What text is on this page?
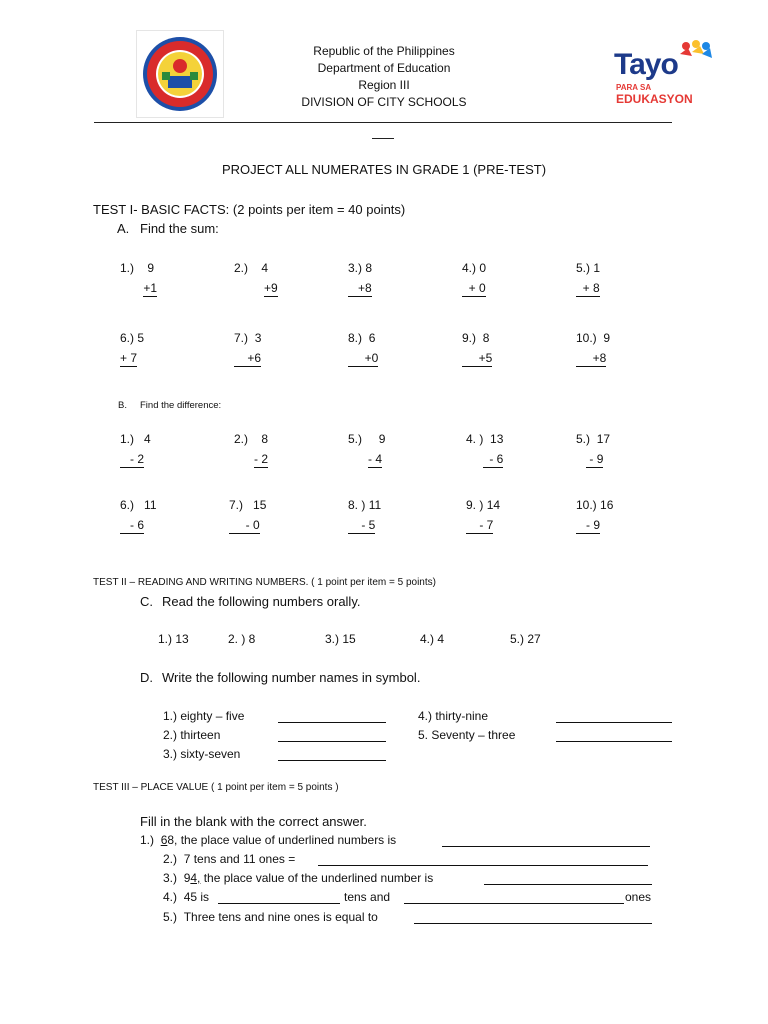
Republic of the Philippines
Department of Education
Region III
DIVISION OF CITY SCHOOLS
Tayo
PARA SA
EDUKASYON
PROJECT ALL NUMERATES IN GRADE 1 (PRE-TEST)
TEST I- BASIC FACTS: (2 points per item = 40 points)
A. Find the sum:
1.) 9
+1
2.) 4
+9
3.) 8
+8
4.) 0
+ 0
5.) 1
+ 8
6.) 5
+ 7
7.) 3
+6
8.) 6
+0
9.) 8
+5
10.) 9
+8
B. Find the difference:
1.) 4
- 2
2.) 8
- 2
5.) 9
- 4
4. ) 13
- 6
5.) 17
- 9
6.) 11
- 6
7.) 15
- 0
8. ) 11
- 5
9. ) 14
- 7
10.) 16
- 9
TEST II – READING AND WRITING NUMBERS. ( 1 point per item = 5 points)
C. Read the following numbers orally.
1.) 13	2. ) 8	3.) 15	4.) 4	5.) 27
D. Write the following number names in symbol.
1.) eighty – five
2.) thirteen
3.) sixty-seven
4.) thirty-nine
5. Seventy – three
TEST III – PLACE VALUE ( 1 point per item = 5 points )
Fill in the blank with the correct answer.
1.) 68, the place value of underlined numbers is
2.) 7 tens and 11 ones =
3.) 94, the place value of the underlined number is
4.) 45 is	tens and	ones
5.) Three tens and nine ones is equal to
